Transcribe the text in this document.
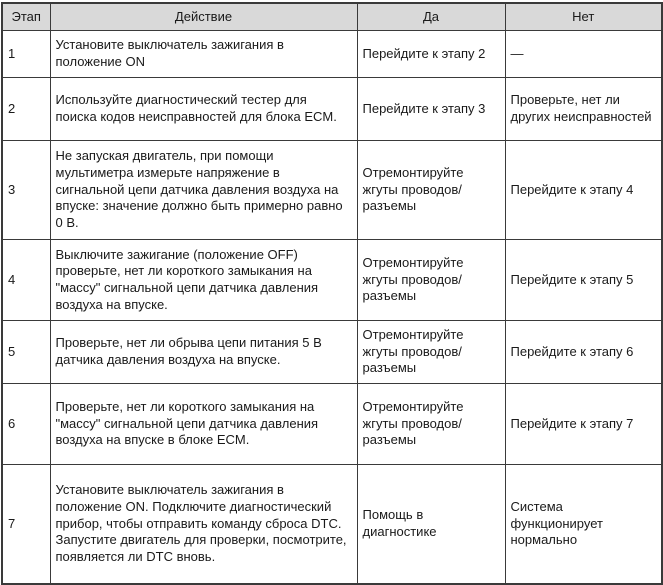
Этап	Действие	Да	Нет
1	Установите выключатель зажигания в положение ON	Перейдите к этапу 2	—
2	Используйте диагностический тестер для поиска кодов неисправностей для блока ECM.	Перейдите к этапу 3	Проверьте, нет ли других неисправностей
3	Не запуская двигатель, при помощи мультиметра измерьте напряжение в сигнальной цепи датчика давления воздуха на впуске: значение должно быть примерно равно 0 В.	Отремонтируйте жгуты проводов/ разъемы	Перейдите к этапу 4
4	Выключите зажигание (положение OFF) проверьте, нет ли короткого замыкания на "массу" сигнальной цепи датчика давления воздуха на впуске.	Отремонтируйте жгуты проводов/ разъемы	Перейдите к этапу 5
5	Проверьте, нет ли обрыва цепи питания 5 В датчика давления воздуха на впуске.	Отремонтируйте жгуты проводов/ разъемы	Перейдите к этапу 6
6	Проверьте, нет ли короткого замыкания на "массу" сигнальной цепи датчика давления воздуха на впуске в блоке ECM.	Отремонтируйте жгуты проводов/ разъемы	Перейдите к этапу 7
7	Установите выключатель зажигания в положение ON. Подключите диагностический прибор, чтобы отправить команду сброса DTC. Запустите двигатель для проверки, посмотрите, появляется ли DTC вновь.	Помощь в диагностике	Система функционирует нормально
